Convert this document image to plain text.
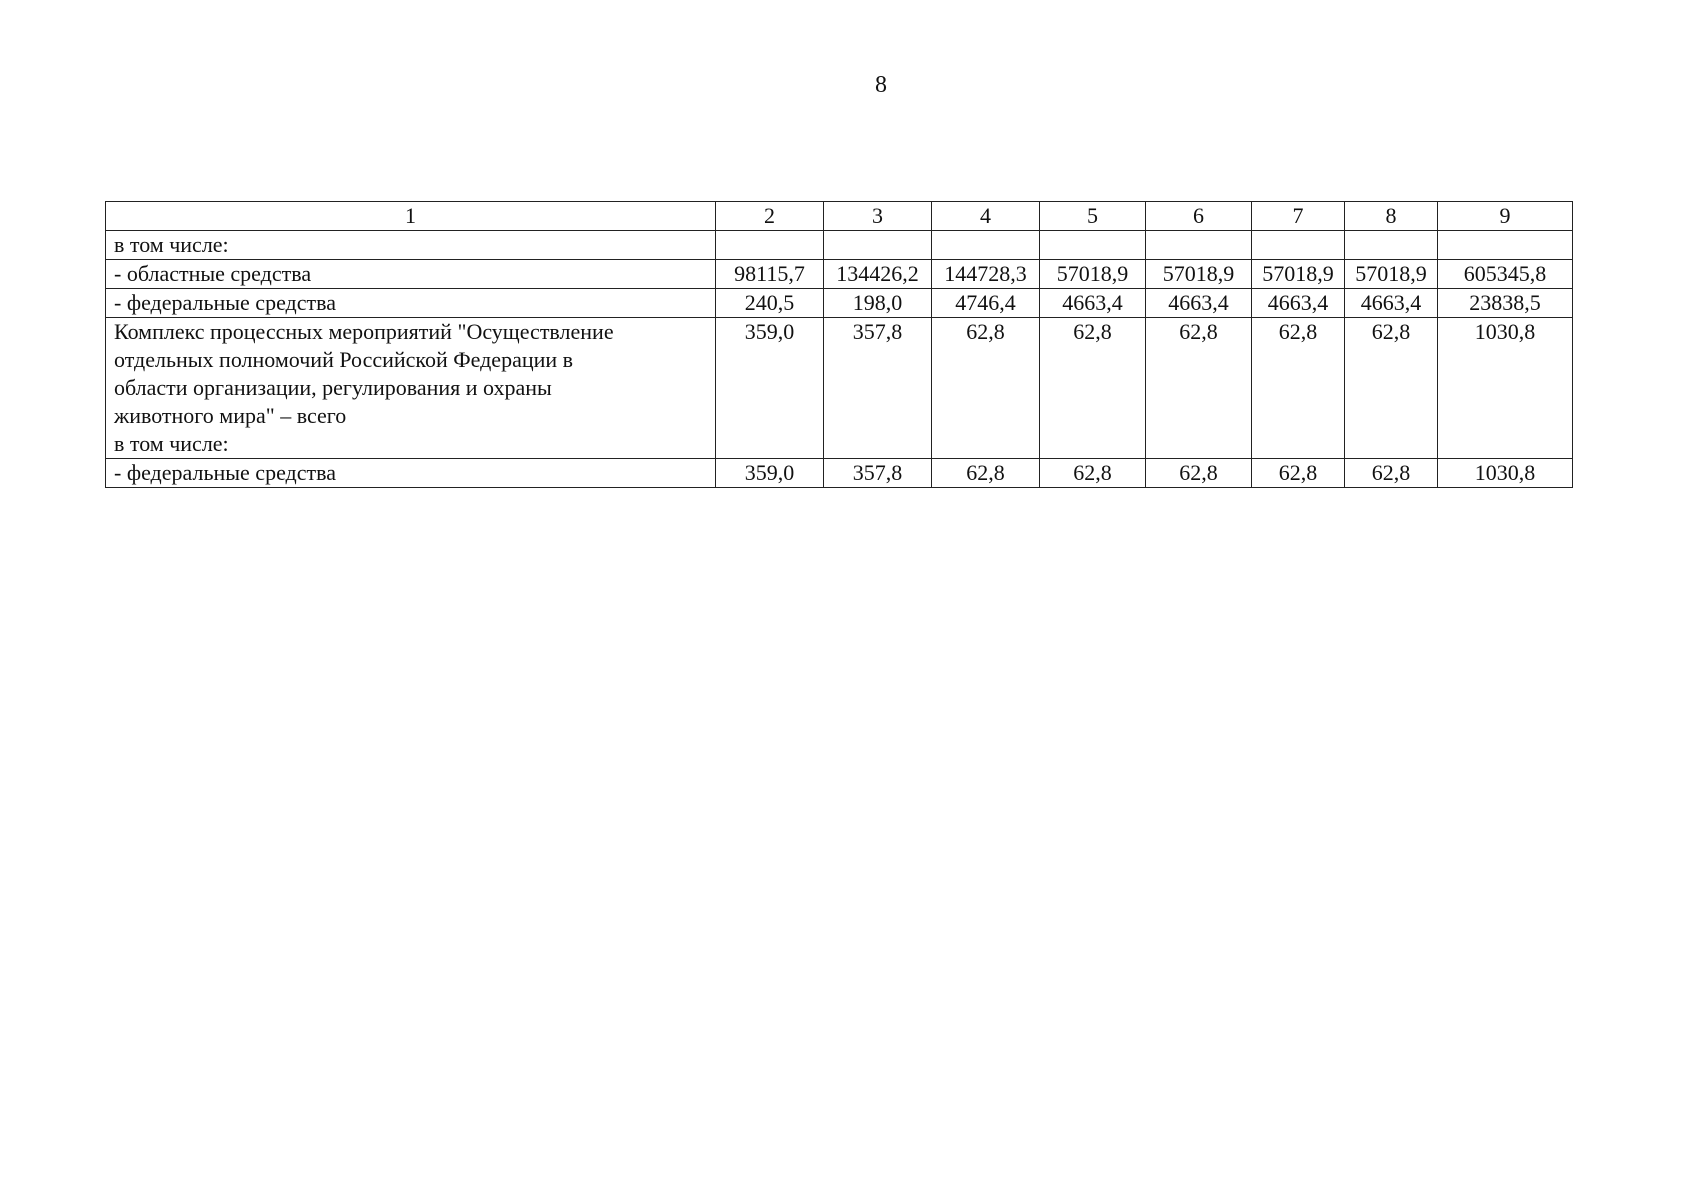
8
1	2	3	4	5	6	7	8	9
в том числе:								
- областные средства	98115,7	134426,2	144728,3	57018,9	57018,9	57018,9	57018,9	605345,8
- федеральные средства	240,5	198,0	4746,4	4663,4	4663,4	4663,4	4663,4	23838,5

Комплекс процессных мероприятий "Осуществление
отдельных полномочий Российской Федерации в
области организации, регулирования и охраны
животного мира" – всего
в том числе:	359,0	357,8	62,8	62,8	62,8	62,8	62,8	1030,8
- федеральные средства	359,0	357,8	62,8	62,8	62,8	62,8	62,8	1030,8
